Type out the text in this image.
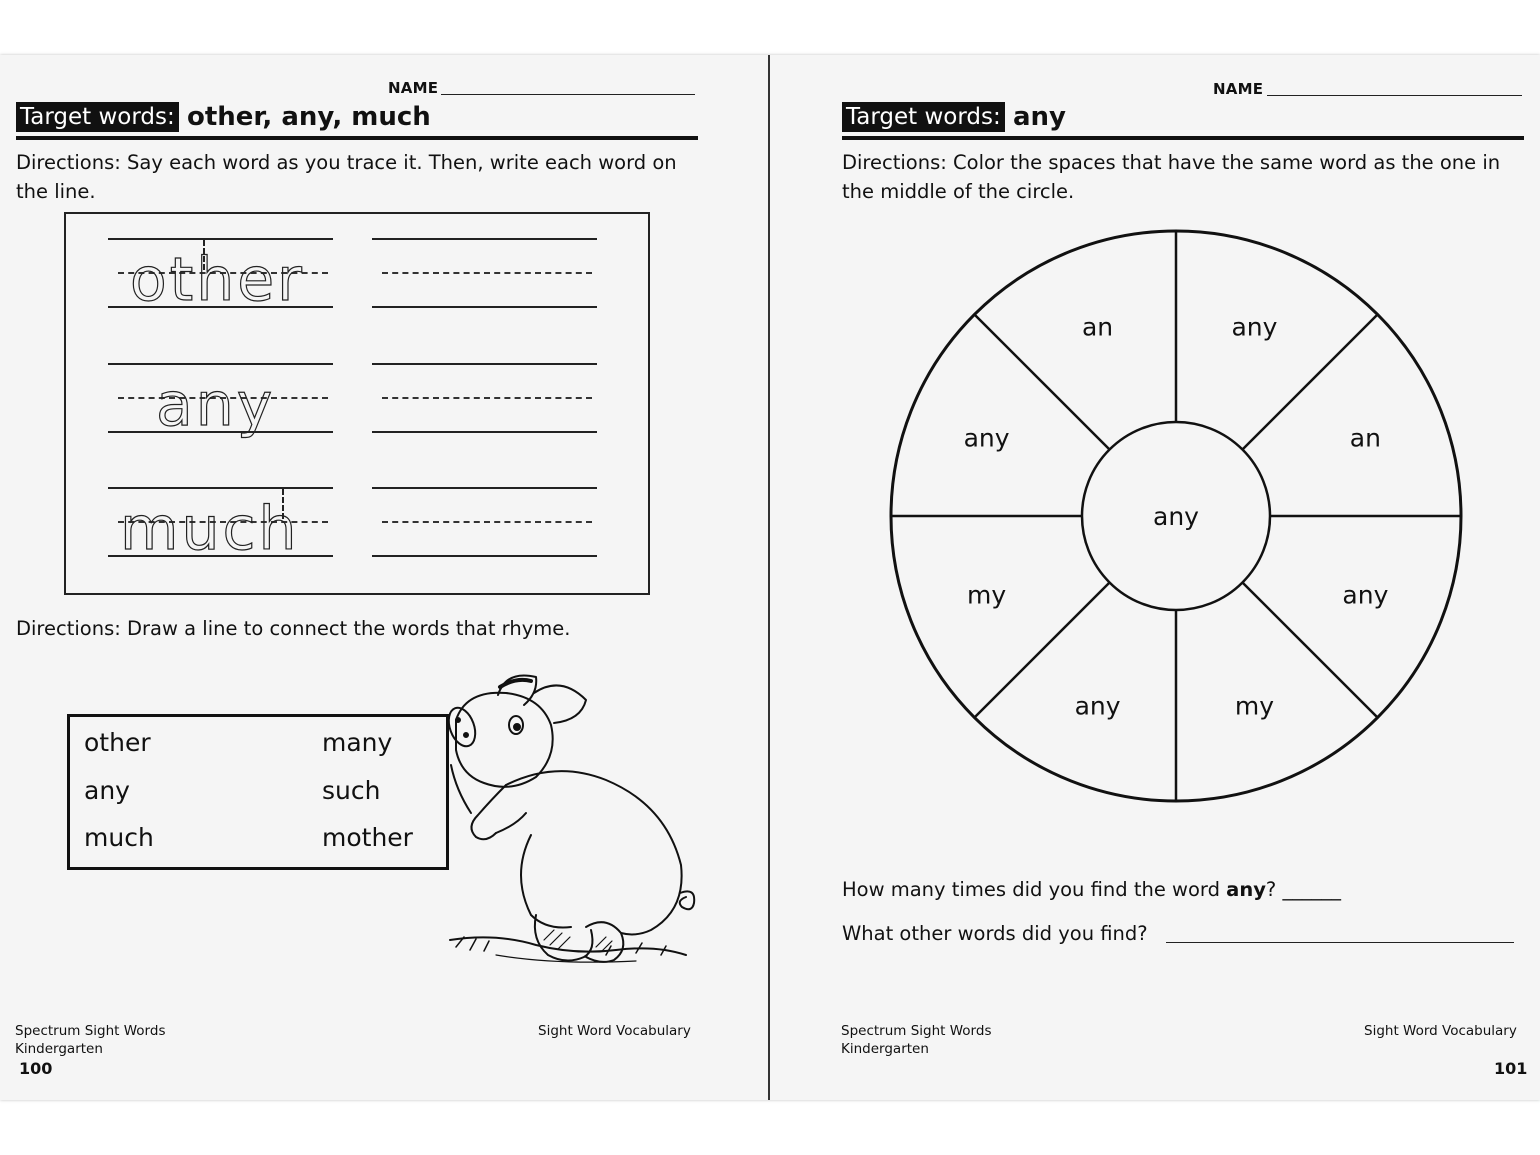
NAME
Target words: other, any, much
Directions: Say each word as you trace it. Then, write each word on the line.
other
any
much
Directions: Draw a line to connect the words that rhyme.
other
any
much
many
such
mother
Spectrum Sight Words
Kindergarten
Sight Word Vocabulary
100
NAME
Target words: any
Directions: Color the spaces that have the same word as the one in the middle of the circle.
any
an
any
my
any
my
any
an
any
How many times did you find the word any? ______
What other words did you find?
Spectrum Sight Words
Kindergarten
Sight Word Vocabulary
101
